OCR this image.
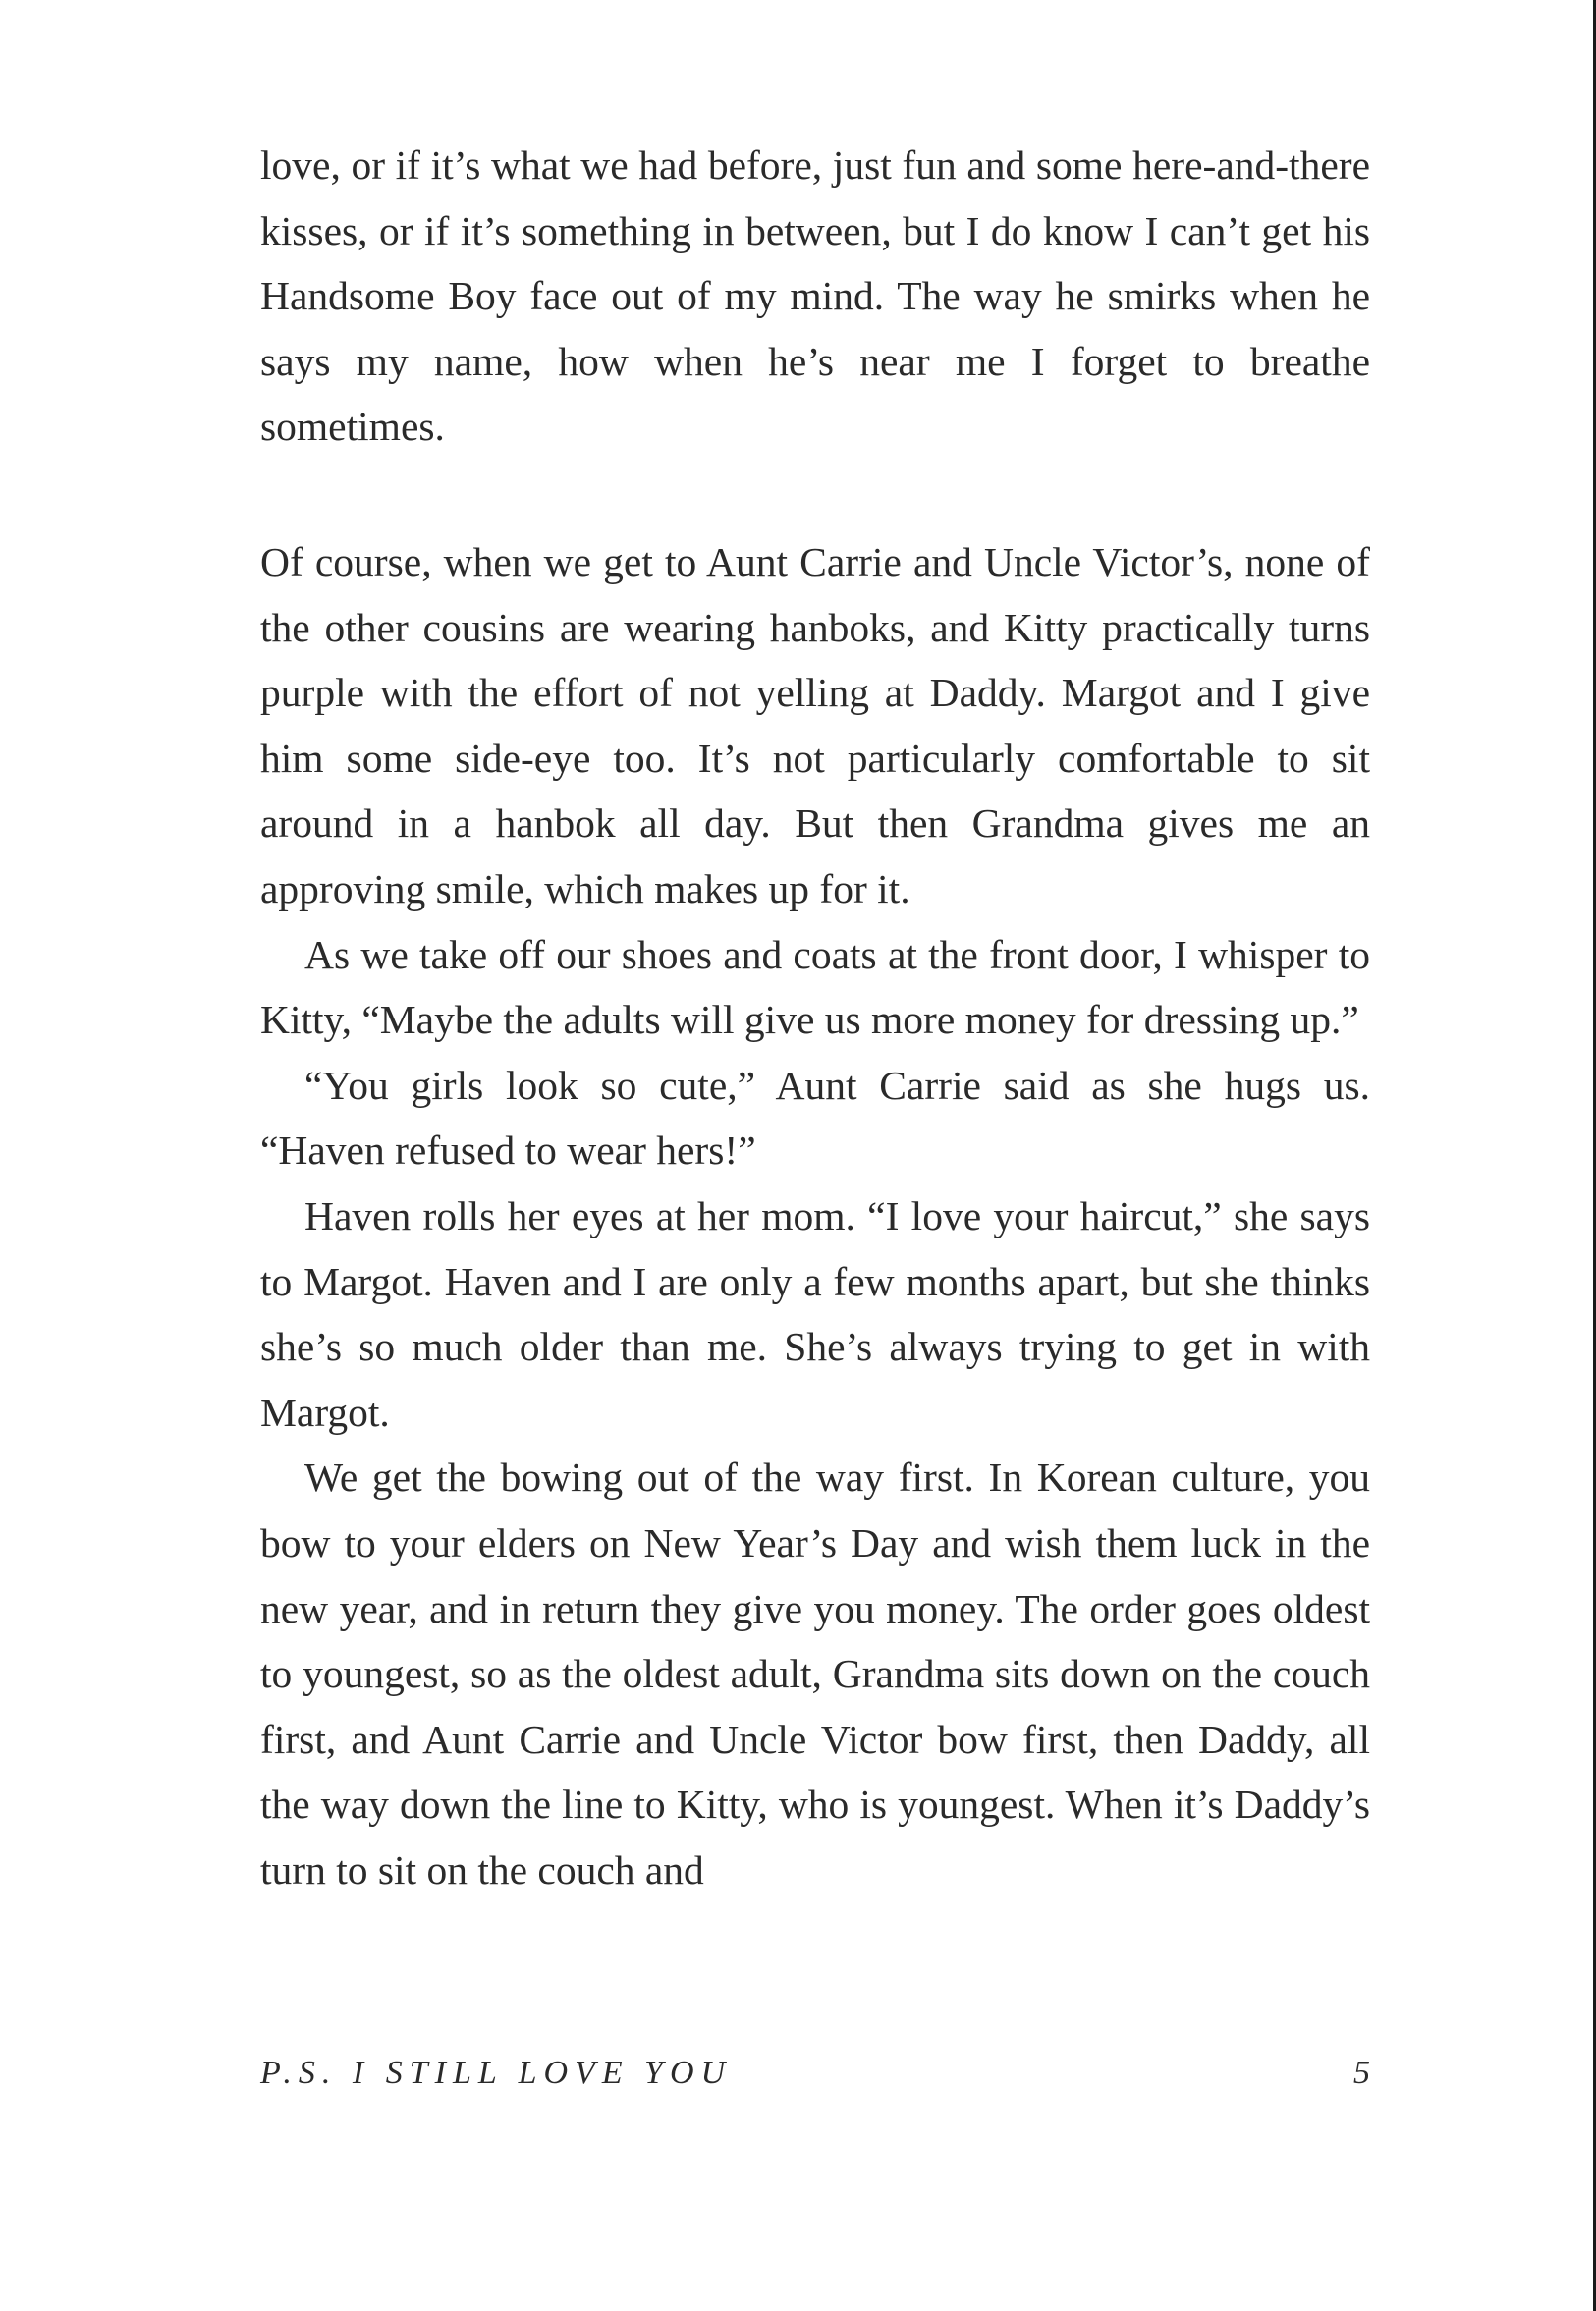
love, or if it’s what we had before, just fun and some here-and-there kisses, or if it’s something in between, but I do know I can’t get his Handsome Boy face out of my mind. The way he smirks when he says my name, how when he’s near me I forget to breathe sometimes.

Of course, when we get to Aunt Carrie and Uncle Victor’s, none of the other cousins are wearing hanboks, and Kitty practically turns purple with the effort of not yelling at Daddy. Margot and I give him some side-eye too. It’s not particularly comfortable to sit around in a hanbok all day. But then Grandma gives me an approving smile, which makes up for it.

As we take off our shoes and coats at the front door, I whisper to Kitty, “Maybe the adults will give us more money for dressing up.”

“You girls look so cute,” Aunt Carrie said as she hugs us. “Haven refused to wear hers!”

Haven rolls her eyes at her mom. “I love your haircut,” she says to Margot. Haven and I are only a few months apart, but she thinks she’s so much older than me. She’s always trying to get in with Margot.

We get the bowing out of the way first. In Korean culture, you bow to your elders on New Year’s Day and wish them luck in the new year, and in return they give you money. The order goes oldest to youngest, so as the oldest adult, Grandma sits down on the couch first, and Aunt Carrie and Uncle Victor bow first, then Daddy, all the way down the line to Kitty, who is youngest. When it’s Daddy’s turn to sit on the couch and

P.S. I STILL LOVE YOU	5
